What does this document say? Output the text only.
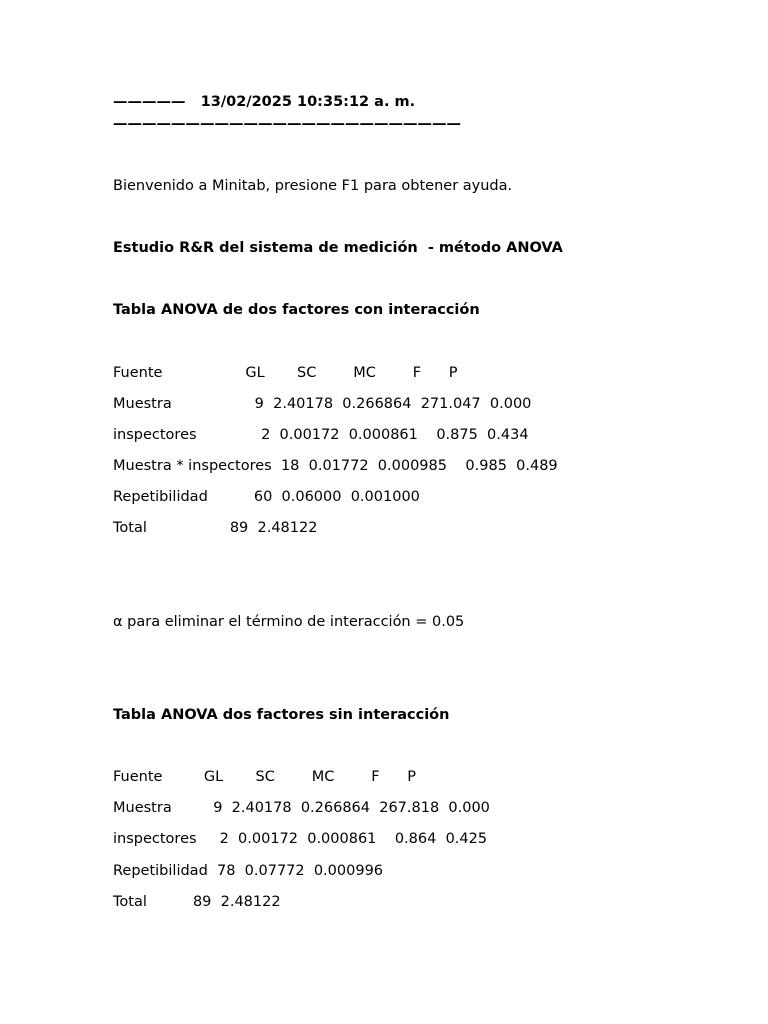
—————   13/02/2025 10:35:12 a. m.
————————————————————————
Bienvenido a Minitab, presione F1 para obtener ayuda.
Estudio R&R del sistema de medición  - método ANOVA
Tabla ANOVA de dos factores con interacción
Fuente                  GL       SC        MC        F      P
Muestra                  9  2.40178  0.266864  271.047  0.000
inspectores              2  0.00172  0.000861    0.875  0.434
Muestra * inspectores  18  0.01772  0.000985    0.985  0.489
Repetibilidad          60  0.06000  0.001000
Total                  89  2.48122
α para eliminar el término de interacción = 0.05
Tabla ANOVA dos factores sin interacción
Fuente         GL       SC        MC        F      P
Muestra         9  2.40178  0.266864  267.818  0.000
inspectores     2  0.00172  0.000861    0.864  0.425
Repetibilidad  78  0.07772  0.000996
Total          89  2.48122
